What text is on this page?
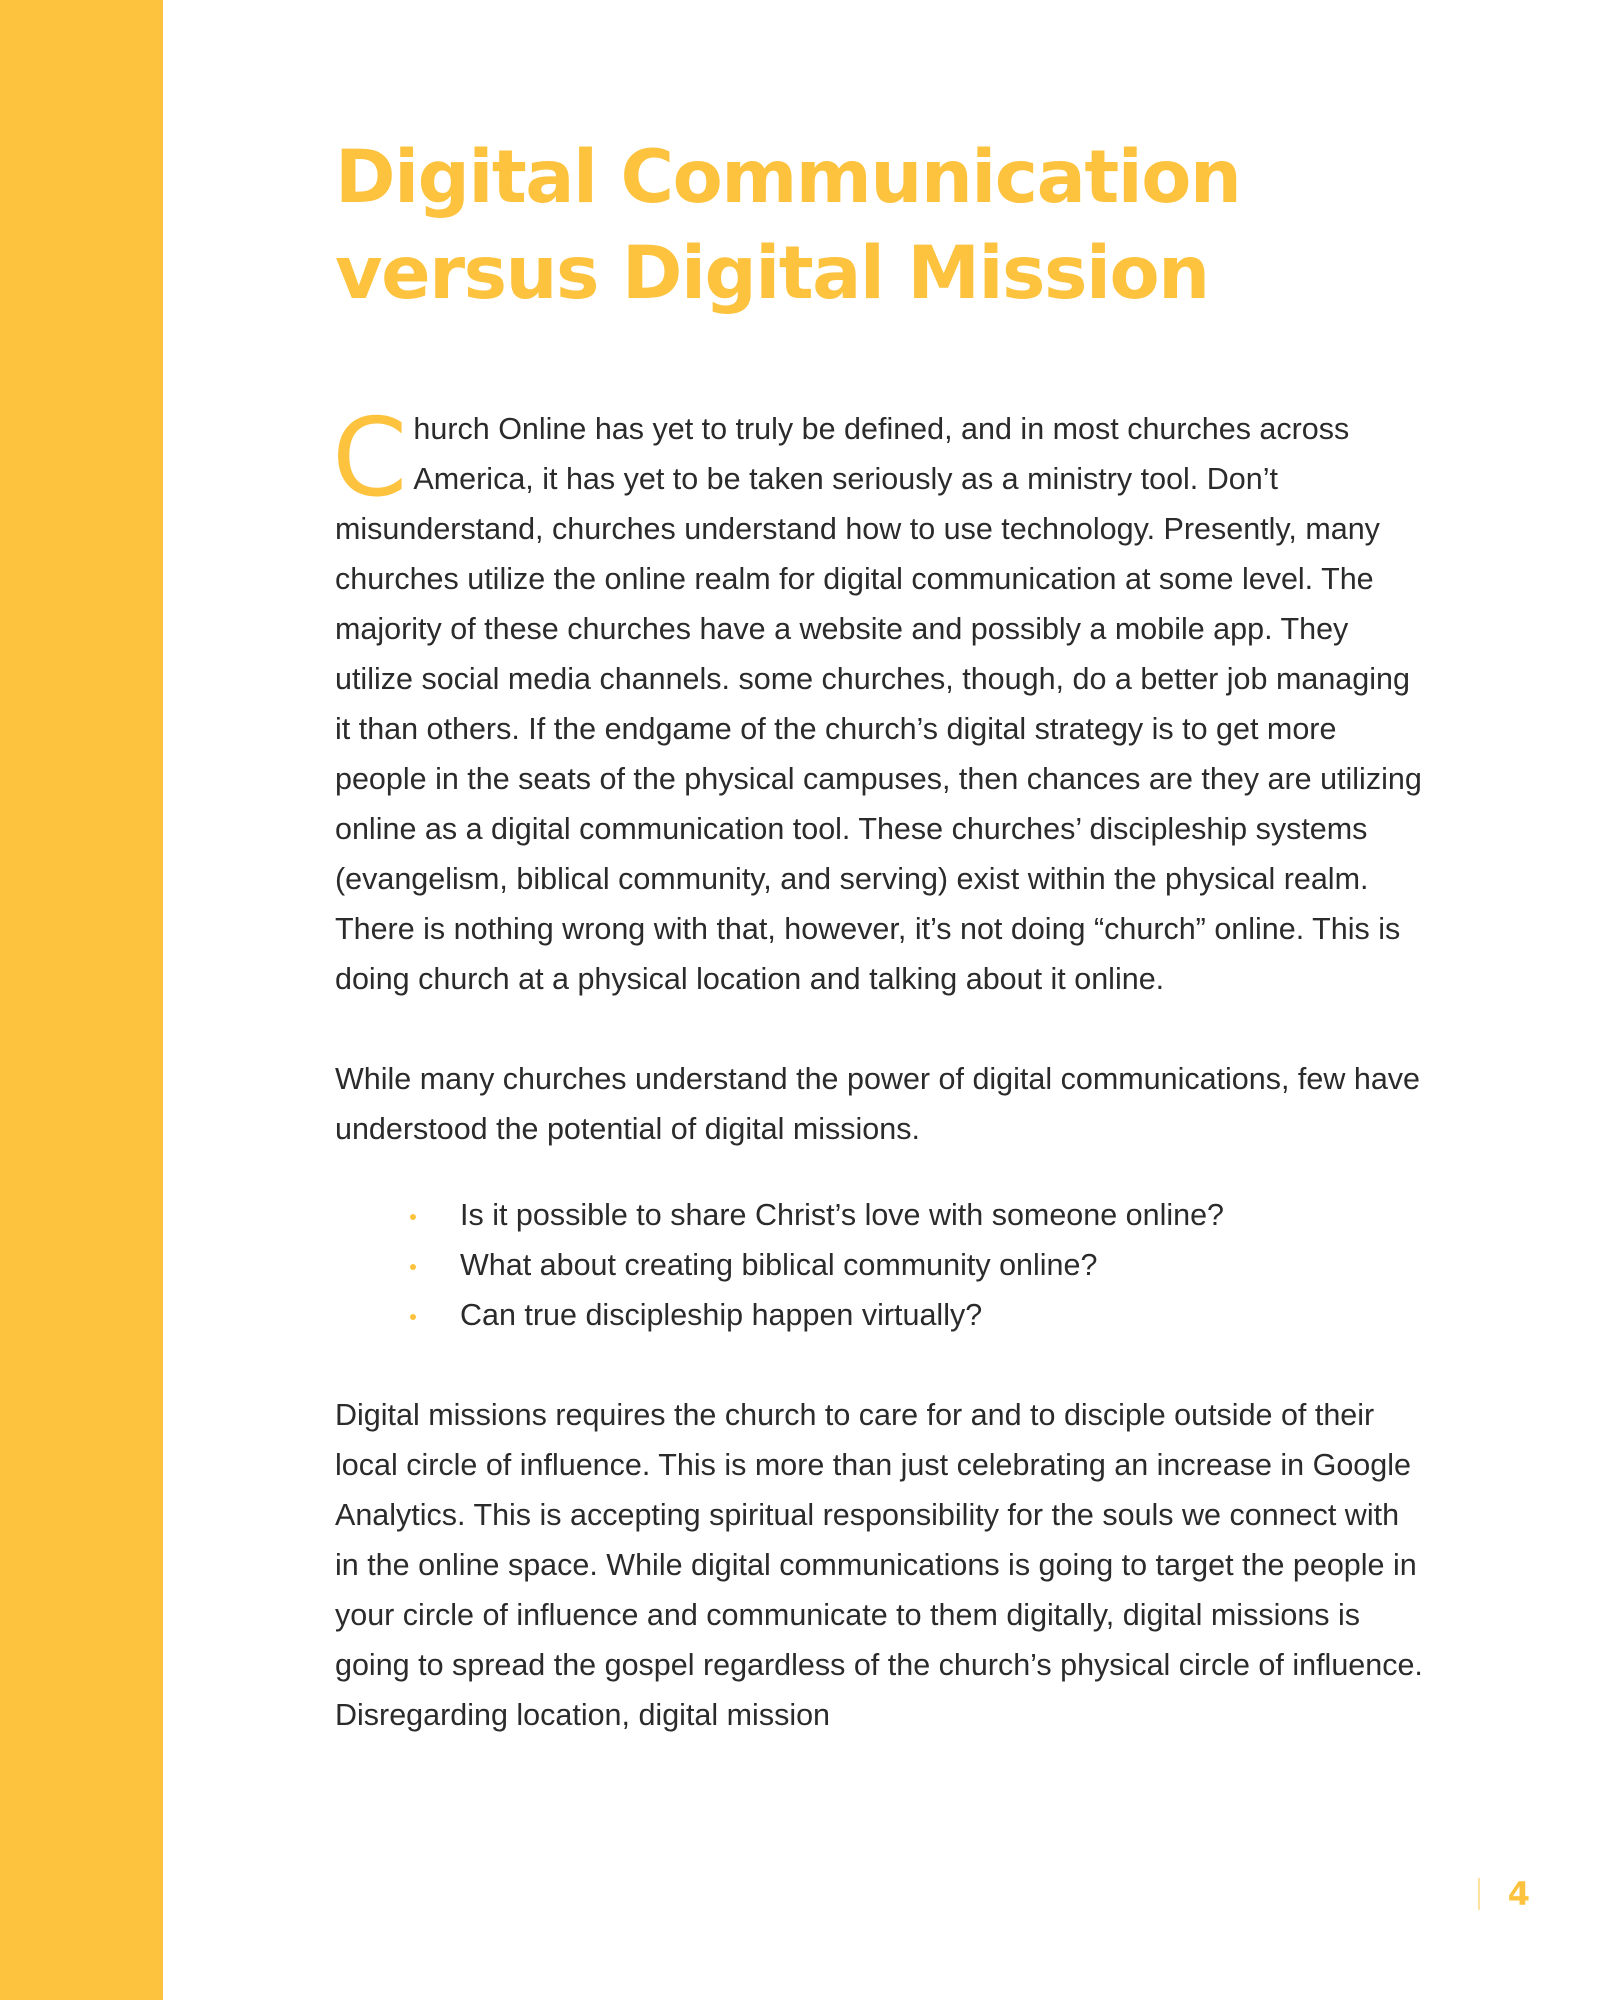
Digital Communication
versus Digital Mission

Church Online has yet to truly be defined, and in most churches across America, it has yet to be taken seriously as a ministry tool. Don’t misunderstand, churches understand how to use technology. Presently, many churches utilize the online realm for digital communication at some level. The majority of these churches have a website and possibly a mobile app. They utilize social media channels. some churches, though, do a better job managing it than others. If the endgame of the church’s digital strategy is to get more people in the seats of the physical campuses, then chances are they are utilizing online as a digital communication tool. These churches’ discipleship systems (evangelism, biblical community, and serving) exist within the physical realm. There is nothing wrong with that, however, it’s not doing “church” online. This is doing church at a physical location and talking about it online.

While many churches understand the power of digital communications, few have understood the potential of digital missions.

Is it possible to share Christ’s love with someone online?
What about creating biblical community online?
Can true discipleship happen virtually?

Digital missions requires the church to care for and to disciple outside of their local circle of influence. This is more than just celebrating an increase in Google Analytics. This is accepting spiritual responsibility for the souls we connect with in the online space. While digital communications is going to target the people in your circle of influence and communicate to them digitally, digital missions is going to spread the gospel regardless of the church’s physical circle of influence. Disregarding location, digital mission

4
